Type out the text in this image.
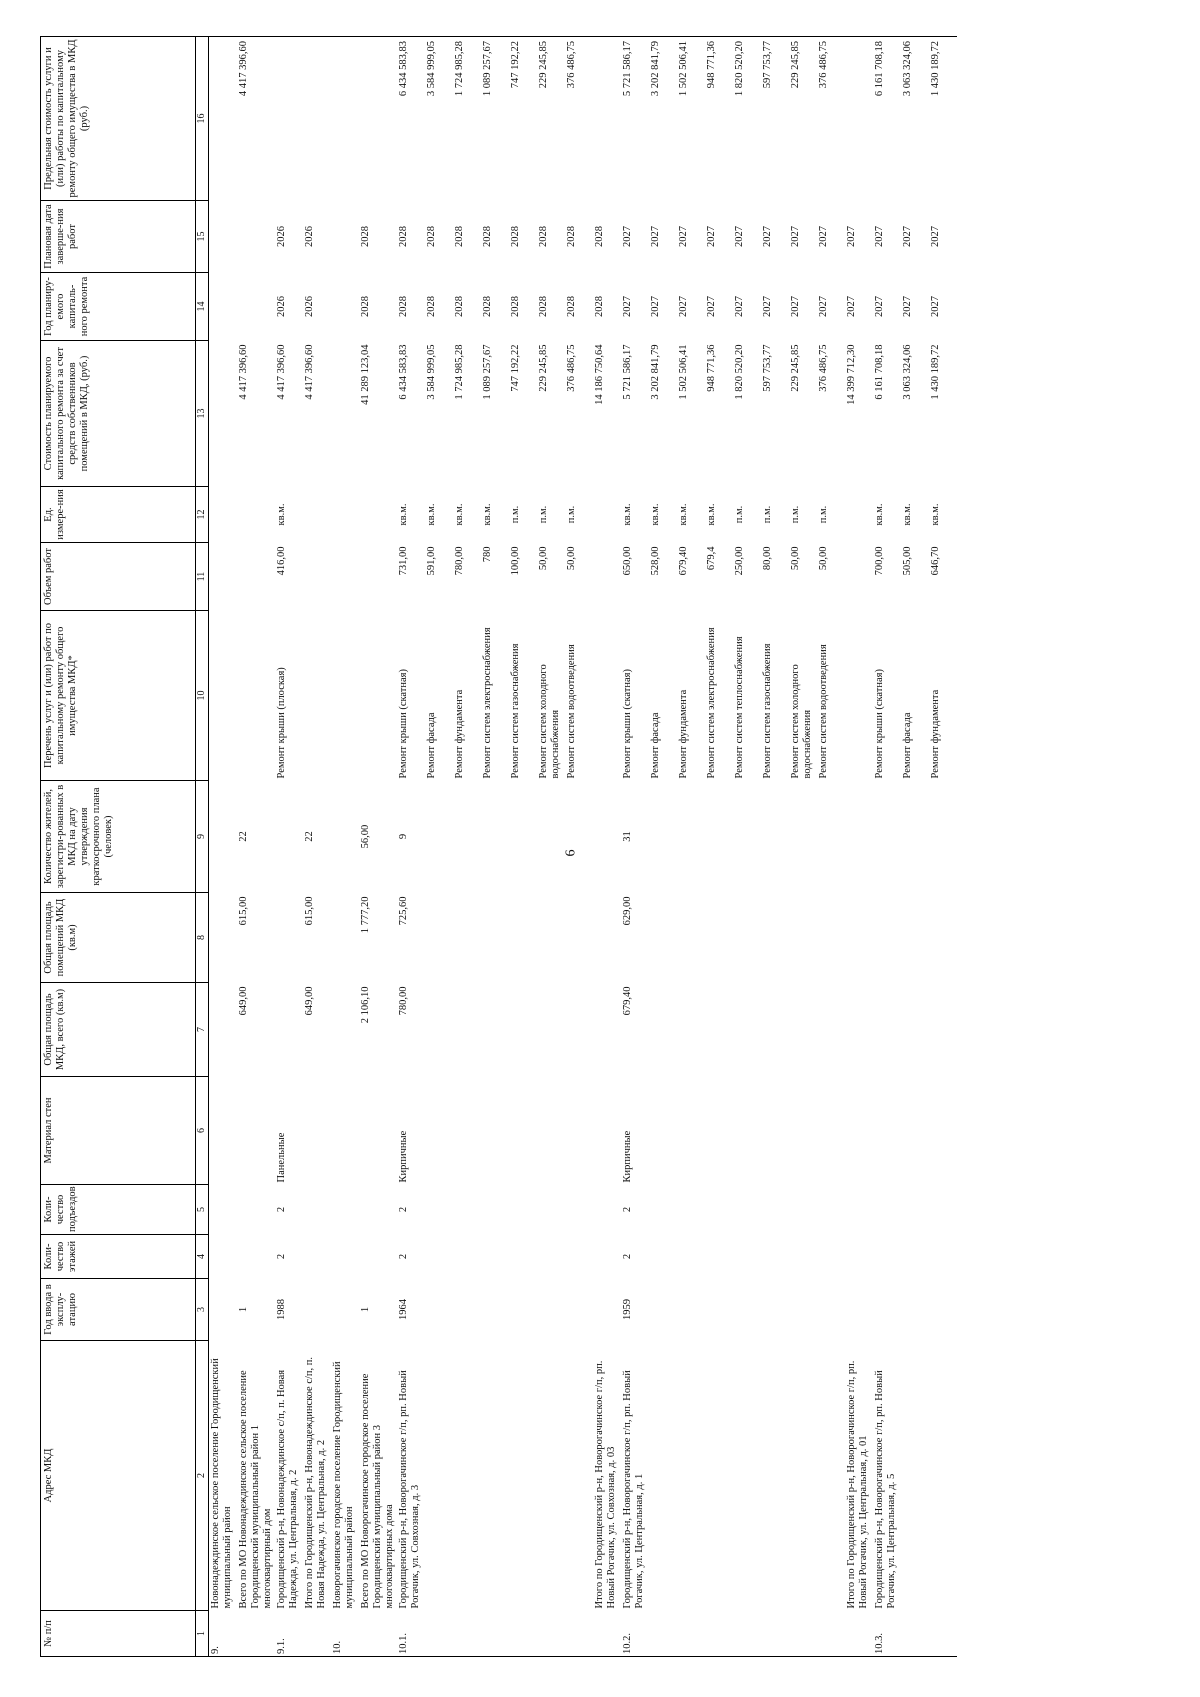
6
№ п/п	Адрес МКД	Год ввода в эксплу-атацию	Коли-чество этажей	Коли-чество подъездов	Материал стен	Общая площадь МКД, всего (кв.м)	Общая площадь помещений МКД (кв.м)	Количество жителей, зарегистри-рованных в МКД на дату утверждения краткосрочного плана (человек)	Перечень услуг и (или) работ по капитальному ремонту общего имущества МКД*	Объем работ	Ед. измере-ния	Стоимость планируемого капитального ремонта за счет средств собственников помещений в МКД, (руб.)	Год планиру-емого капиталь-ного ремонта	Плановая дата заверше-ния работ	Предельная стоимость услуги и (или) работы по капитальному ремонту общего имущества в МКД (руб.)
1	2	3	4	5	6	7	8	9	10	11	12	13	14	15	16
9.	Новонадеждинское сельское поселение Городищенский муниципальный район														
	Всего по МО Новонадеждинское сельское поселение Городищенский муниципальный район 1 многоквартирный дом	1				649,00	615,00	22				4 417 396,60			4 417 396,60
9.1.	Городищенский р-н, Новонадеждинское с/п, п. Новая Надежда, ул. Центральная, д. 2	1988	2	2	Панельные				Ремонт крыши (плоская)	416,00	кв.м.	4 417 396,60	2026	2026	
	Итого по Городищенский р-н, Новонадеждинское с/п, п. Новая Надежда, ул. Центральная, д. 2					649,00	615,00	22				4 417 396,60	2026	2026	
10.	Новорогачинское городское поселение Городищенский муниципальный район														
	Всего по МО Новорогачинское городское поселение Городищенский муниципальный район 3 многоквартирных дома	1				2 106,10	1 777,20	56,00				41 289 123,04	2028	2028	
10.1.	Городищенский р-н, Новорогачинское г/п, рп. Новый Рогачик, ул. Совхозная, д. 3	1964	2	2	Кирпичные	780,00	725,60	9	Ремонт крыши (скатная)	731,00	кв.м.	6 434 583,83	2028	2028	6 434 583,83
									Ремонт фасада	591,00	кв.м.	3 584 999,05	2028	2028	3 584 999,05
									Ремонт фундамента	780,00	кв.м.	1 724 985,28	2028	2028	1 724 985,28
									Ремонт систем электроснабжения	780	кв.м.	1 089 257,67	2028	2028	1 089 257,67
									Ремонт систем газоснабжения	100,00	п.м.	747 192,22	2028	2028	747 192,22
									Ремонт систем холодного водоснабжения	50,00	п.м.	229 245,85	2028	2028	229 245,85
									Ремонт систем водоотведения	50,00	п.м.	376 486,75	2028	2028	376 486,75
	Итого по Городищенский р-н, Новорогачинское г/п, рп. Новый Рогачик, ул. Совхозная, д. 03											14 186 750,64	2028	2028	
10.2.	Городищенский р-н, Новорогачинское г/п, рп. Новый Рогачик, ул. Центральная, д. 1	1959	2	2	Кирпичные	679,40	629,00	31	Ремонт крыши (скатная)	650,00	кв.м.	5 721 586,17	2027	2027	5 721 586,17
									Ремонт фасада	528,00	кв.м.	3 202 841,79	2027	2027	3 202 841,79
									Ремонт фундамента	679,40	кв.м.	1 502 506,41	2027	2027	1 502 506,41
									Ремонт систем электроснабжения	679,4	кв.м.	948 771,36	2027	2027	948 771,36
									Ремонт систем теплоснабжения	250,00	п.м.	1 820 520,20	2027	2027	1 820 520,20
									Ремонт систем газоснабжения	80,00	п.м.	597 753,77	2027	2027	597 753,77
									Ремонт систем холодного водоснабжения	50,00	п.м.	229 245,85	2027	2027	229 245,85
									Ремонт систем водоотведения	50,00	п.м.	376 486,75	2027	2027	376 486,75
	Итого по Городищенский р-н, Новорогачинское г/п, рп. Новый Рогачик, ул. Центральная, д. 01											14 399 712,30	2027	2027	
10.3.	Городищенский р-н, Новорогачинское г/п, рп. Новый Рогачик, ул. Центральная, д. 5								Ремонт крыши (скатная)	700,00	кв.м.	6 161 708,18	2027	2027	6 161 708,18
									Ремонт фасада	505,00	кв.м.	3 063 324,06	2027	2027	3 063 324,06
									Ремонт фундамента	646,70	кв.м.	1 430 189,72	2027	2027	1 430 189,72
